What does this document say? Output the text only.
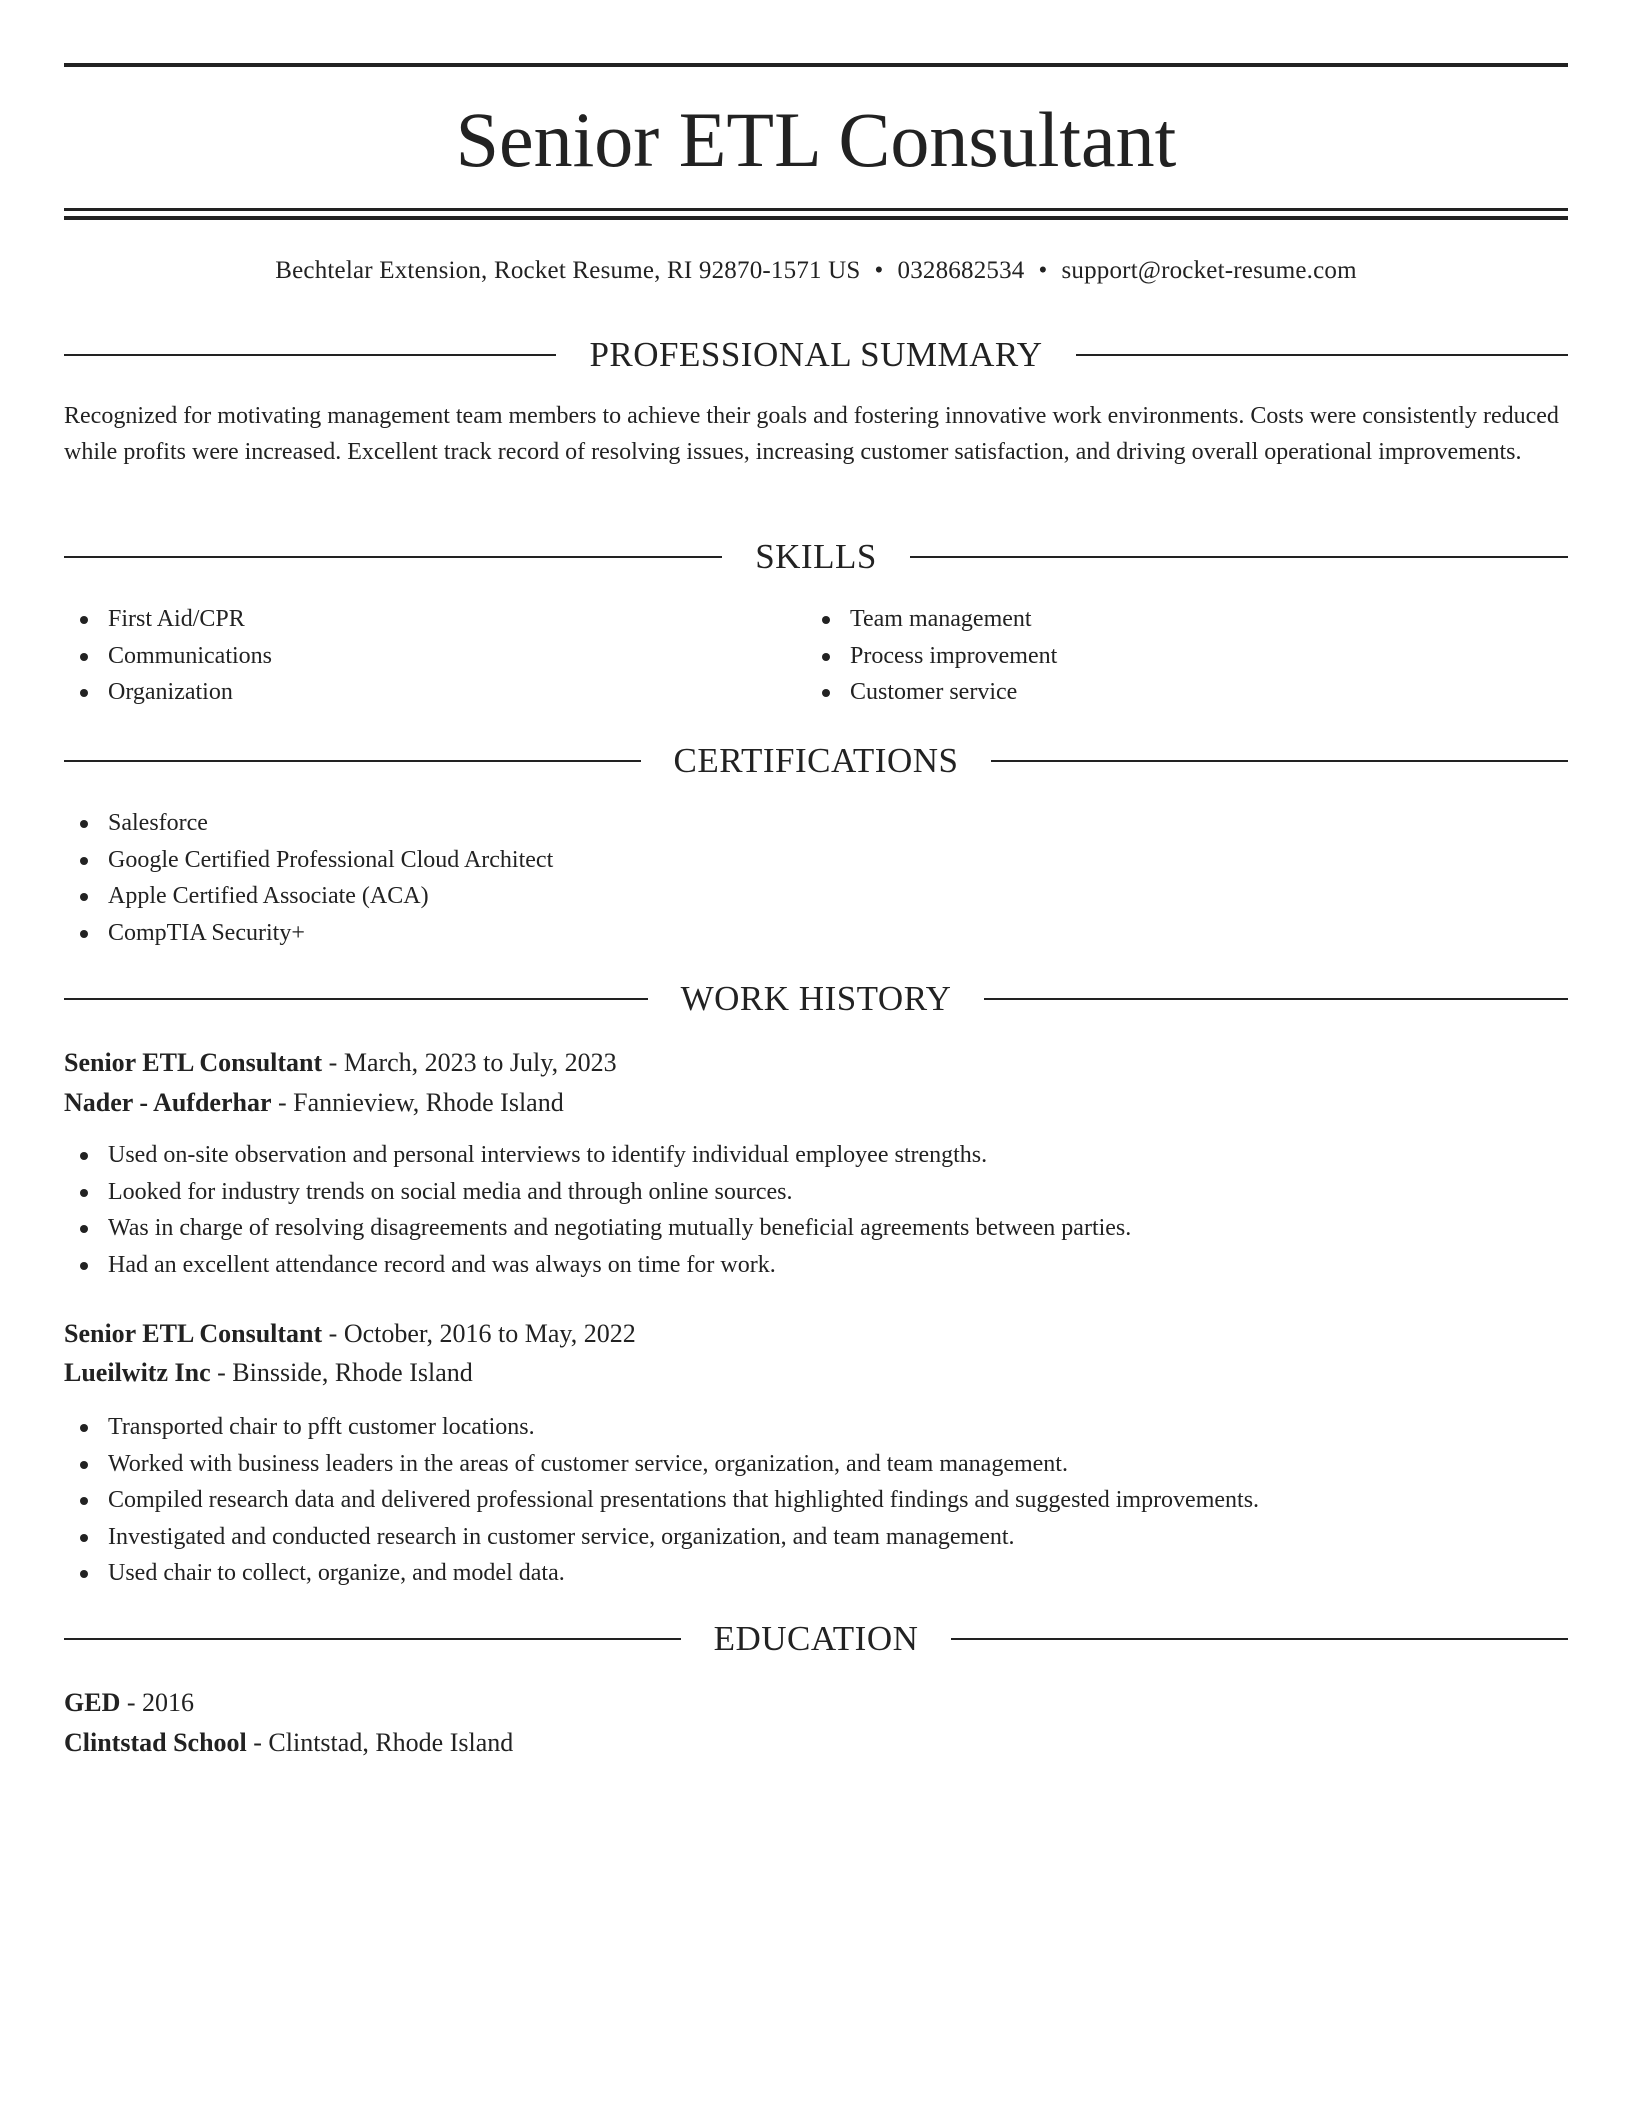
Senior ETL Consultant
Bechtelar Extension, Rocket Resume, RI 92870-1571 US • 0328682534 • support@rocket-resume.com
PROFESSIONAL SUMMARY

Recognized for motivating management team members to achieve their goals and fostering innovative work environments. Costs were consistently reduced while profits were increased. Excellent track record of resolving issues, increasing customer satisfaction, and driving overall operational improvements.

SKILLS
First Aid/CPR
Communications
Organization
Team management
Process improvement
Customer service
CERTIFICATIONS
Salesforce
Google Certified Professional Cloud Architect
Apple Certified Associate (ACA)
CompTIA Security+
WORK HISTORY
Senior ETL Consultant - March, 2023 to July, 2023
Nader - Aufderhar - Fannieview, Rhode Island
Used on-site observation and personal interviews to identify individual employee strengths.
Looked for industry trends on social media and through online sources.
Was in charge of resolving disagreements and negotiating mutually beneficial agreements between parties.
Had an excellent attendance record and was always on time for work.
Senior ETL Consultant - October, 2016 to May, 2022
Lueilwitz Inc - Binsside, Rhode Island
Transported chair to pfft customer locations.
Worked with business leaders in the areas of customer service, organization, and team management.
Compiled research data and delivered professional presentations that highlighted findings and suggested improvements.
Investigated and conducted research in customer service, organization, and team management.
Used chair to collect, organize, and model data.
EDUCATION
GED - 2016
Clintstad School - Clintstad, Rhode Island
